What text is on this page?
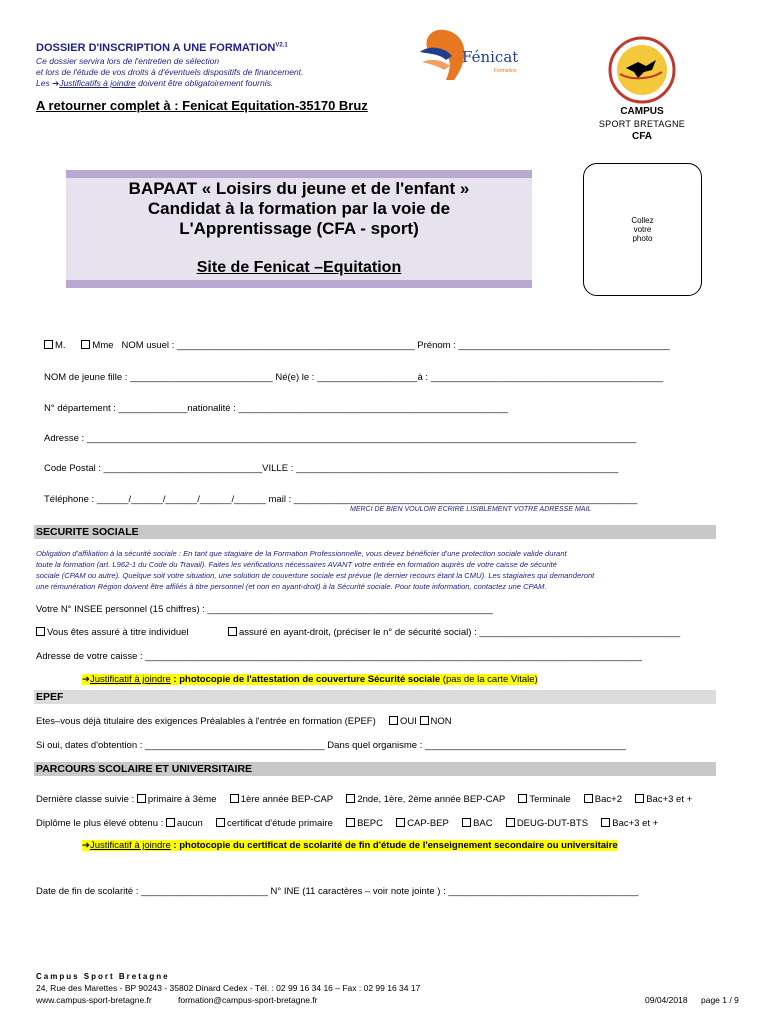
DOSSIER D'INSCRIPTION A UNE $FORMATION^{V2.1}$
Ce dossier servira lors de l'entretien de sélection
et lors de l'étude de vos droits à d'éventuels dispositifs de financement.
Les ➔Justificatifs à joindre doivent être obligatoirement fournis.
A retourner complet à : Fenicat Equitation-35170 Bruz
Fénicat
Formation
CAMPUS
SPORT BRETAGNE
CFA
BAPAAT « Loisirs du jeune et de l'enfant »
Candidat à la formation par la voie de
L'Apprentissage (CFA - sport)
Site de Fenicat –Equitation
Collez
votre
photo
M.	Mme NOM usuel : _____________________________________________ Prénom : ________________________________________
NOM de jeune fille : ___________________________ Né(e) le : ___________________à : ____________________________________________
N° département : _____________nationalité : ___________________________________________________
Adresse : ________________________________________________________________________________________________________
Code Postal : ______________________________VILLE : _____________________________________________________________
Téléphone : ______/______/______/______/______ mail : _________________________________________________________________
MERCI DE BIEN VOULOIR ECRIRE LISIBLEMENT VOTRE ADRESSE MAIL
SECURITE SOCIALE
Obligation d'affiliation à la sécurité sociale : En tant que stagiaire de la Formation Professionnelle, vous devez bénéficier d'une protection sociale valide durant
toute la formation (art. L962-1 du Code du Travail). Faites les vérifications nécessaires AVANT votre entrée en formation auprès de votre caisse de sécurité
sociale (CPAM ou autre). Quelque soit votre situation, une solution de couverture sociale est prévue (le dernier recours étant la CMU). Les stagiaires qui demanderont
une rémunération Région doivent être affiliés à titre personnel (et non en ayant-droit) à la Sécurité sociale. Pour toute information, contactez une CPAM.
Votre N° INSEE personnel (15 chiffres) : ______________________________________________________
Vous êtes assuré à titre individuel	assuré en ayant-droit, (préciser le n° de sécurité social) : ______________________________________
Adresse de votre caisse : ______________________________________________________________________________________________
➔Justificatif à joindre : photocopie de l'attestation de couverture Sécurité sociale (pas de la carte Vitale)
EPEF
Etes–vous déjà titulaire des exigences Préalables à l'entrée en formation (EPEF)	OUI NON
Si oui, dates d'obtention : __________________________________ Dans quel organisme : ______________________________________
PARCOURS SCOLAIRE ET UNIVERSITAIRE
Dernière classe suivie : primaire à 3ème	1ère année BEP-CAP	2nde, 1ère, 2ème année BEP-CAP	Terminale	Bac+2	Bac+3 et +
Diplôme le plus élevé obtenu : aucun	certificat d'étude primaire	BEPC	CAP-BEP	BAC	DEUG-DUT-BTS	Bac+3 et +
➔Justificatif à joindre : photocopie du certificat de scolarité de fin d'étude de l'enseignement secondaire ou universitaire
Date de fin de scolarité : ________________________ N° INE (11 caractères – voir note jointe ) : ____________________________________
Campus Sport Bretagne
24, Rue des Marettes - BP 90243 - 35802 Dinard Cedex - Tél. : 02 99 16 34 16 – Fax : 02 99 16 34 17
www.campus-sport-bretagne.fr	formation@campus-sport-bretagne.fr	09/04/2018 page 1 / 9
